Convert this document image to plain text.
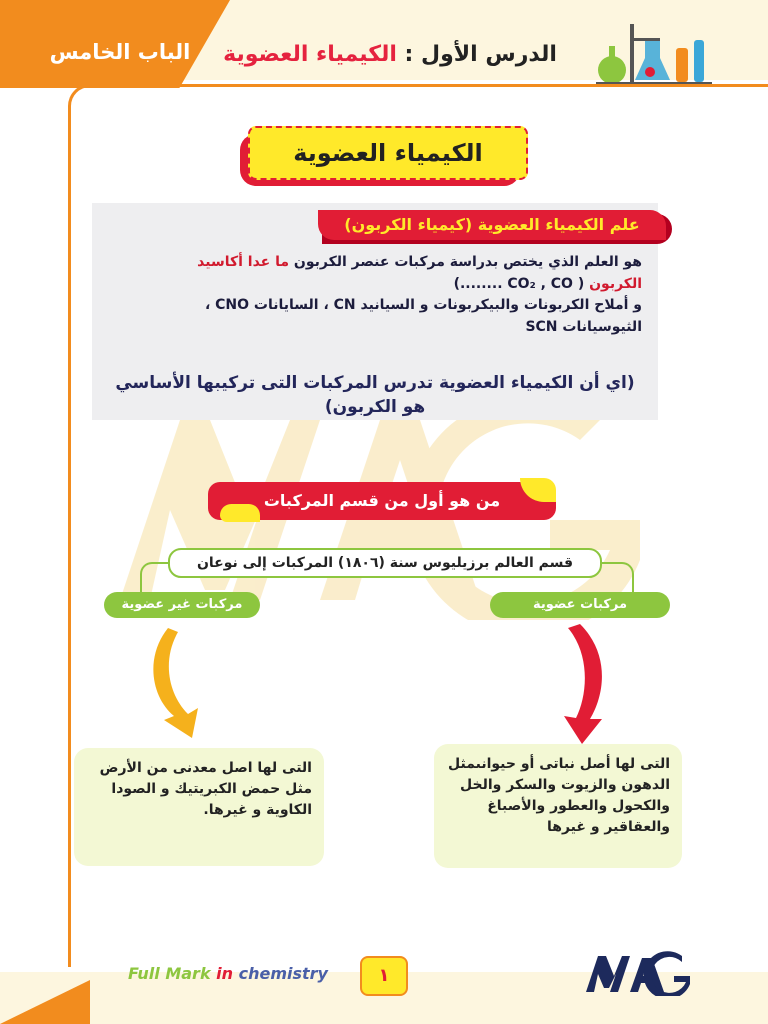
الباب الخامس	الدرس الأول : الكيمياء العضوية
الكيمياء العضوية
علم الكيمياء العضوية (كيمياء الكربون)
هو العلم الذي يختص بدراسة مركبات عنصر الكربون ما عدا أكاسيد
الكربون ( CO₂ , CO ........)
و أملاح الكربونات والبيكربونات و السيانيد CN ، السايانات CNO ،
الثيوسيانات SCN
(اي أن الكيمياء العضوية تدرس المركبات التى تركيبها الأساسي هو الكربون)
من هو أول من قسم المركبات
قسم العالم برزيليوس سنة (١٨٠٦) المركبات إلى نوعان
مركبات عضوية
مركبات غير عضوية
التى لها أصل نباتى أو حيوانىمثل الدهون والزيوت والسكر والخل والكحول والعطور والأصباغ والعقاقير و غيرها
التى لها اصل معدنى من الأرض مثل حمض الكبريتيك و الصودا الكاوية و غيرها.
Full Mark in chemistry	١
